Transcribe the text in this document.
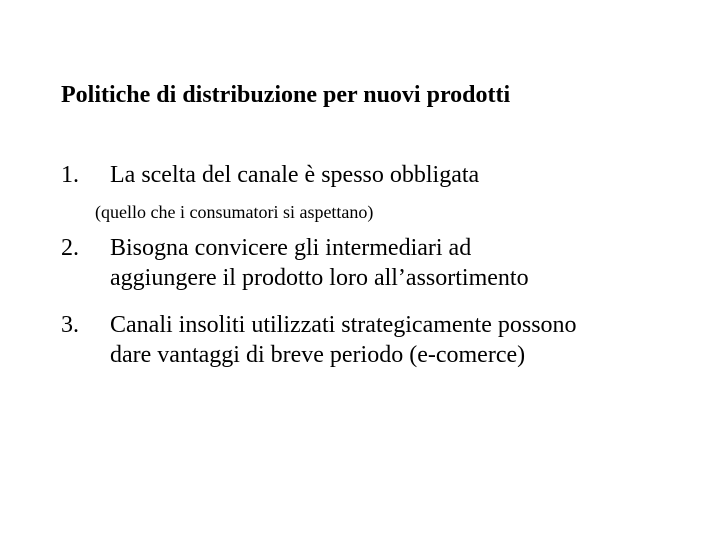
Politiche di distribuzione per nuovi prodotti
1. La scelta del canale è spesso obbligata
(quello che i consumatori si aspettano)
2. Bisogna convicere gli intermediari ad
aggiungere il prodotto loro all’assortimento
3. Canali insoliti utilizzati strategicamente possono
dare vantaggi di breve periodo (e-comerce)
